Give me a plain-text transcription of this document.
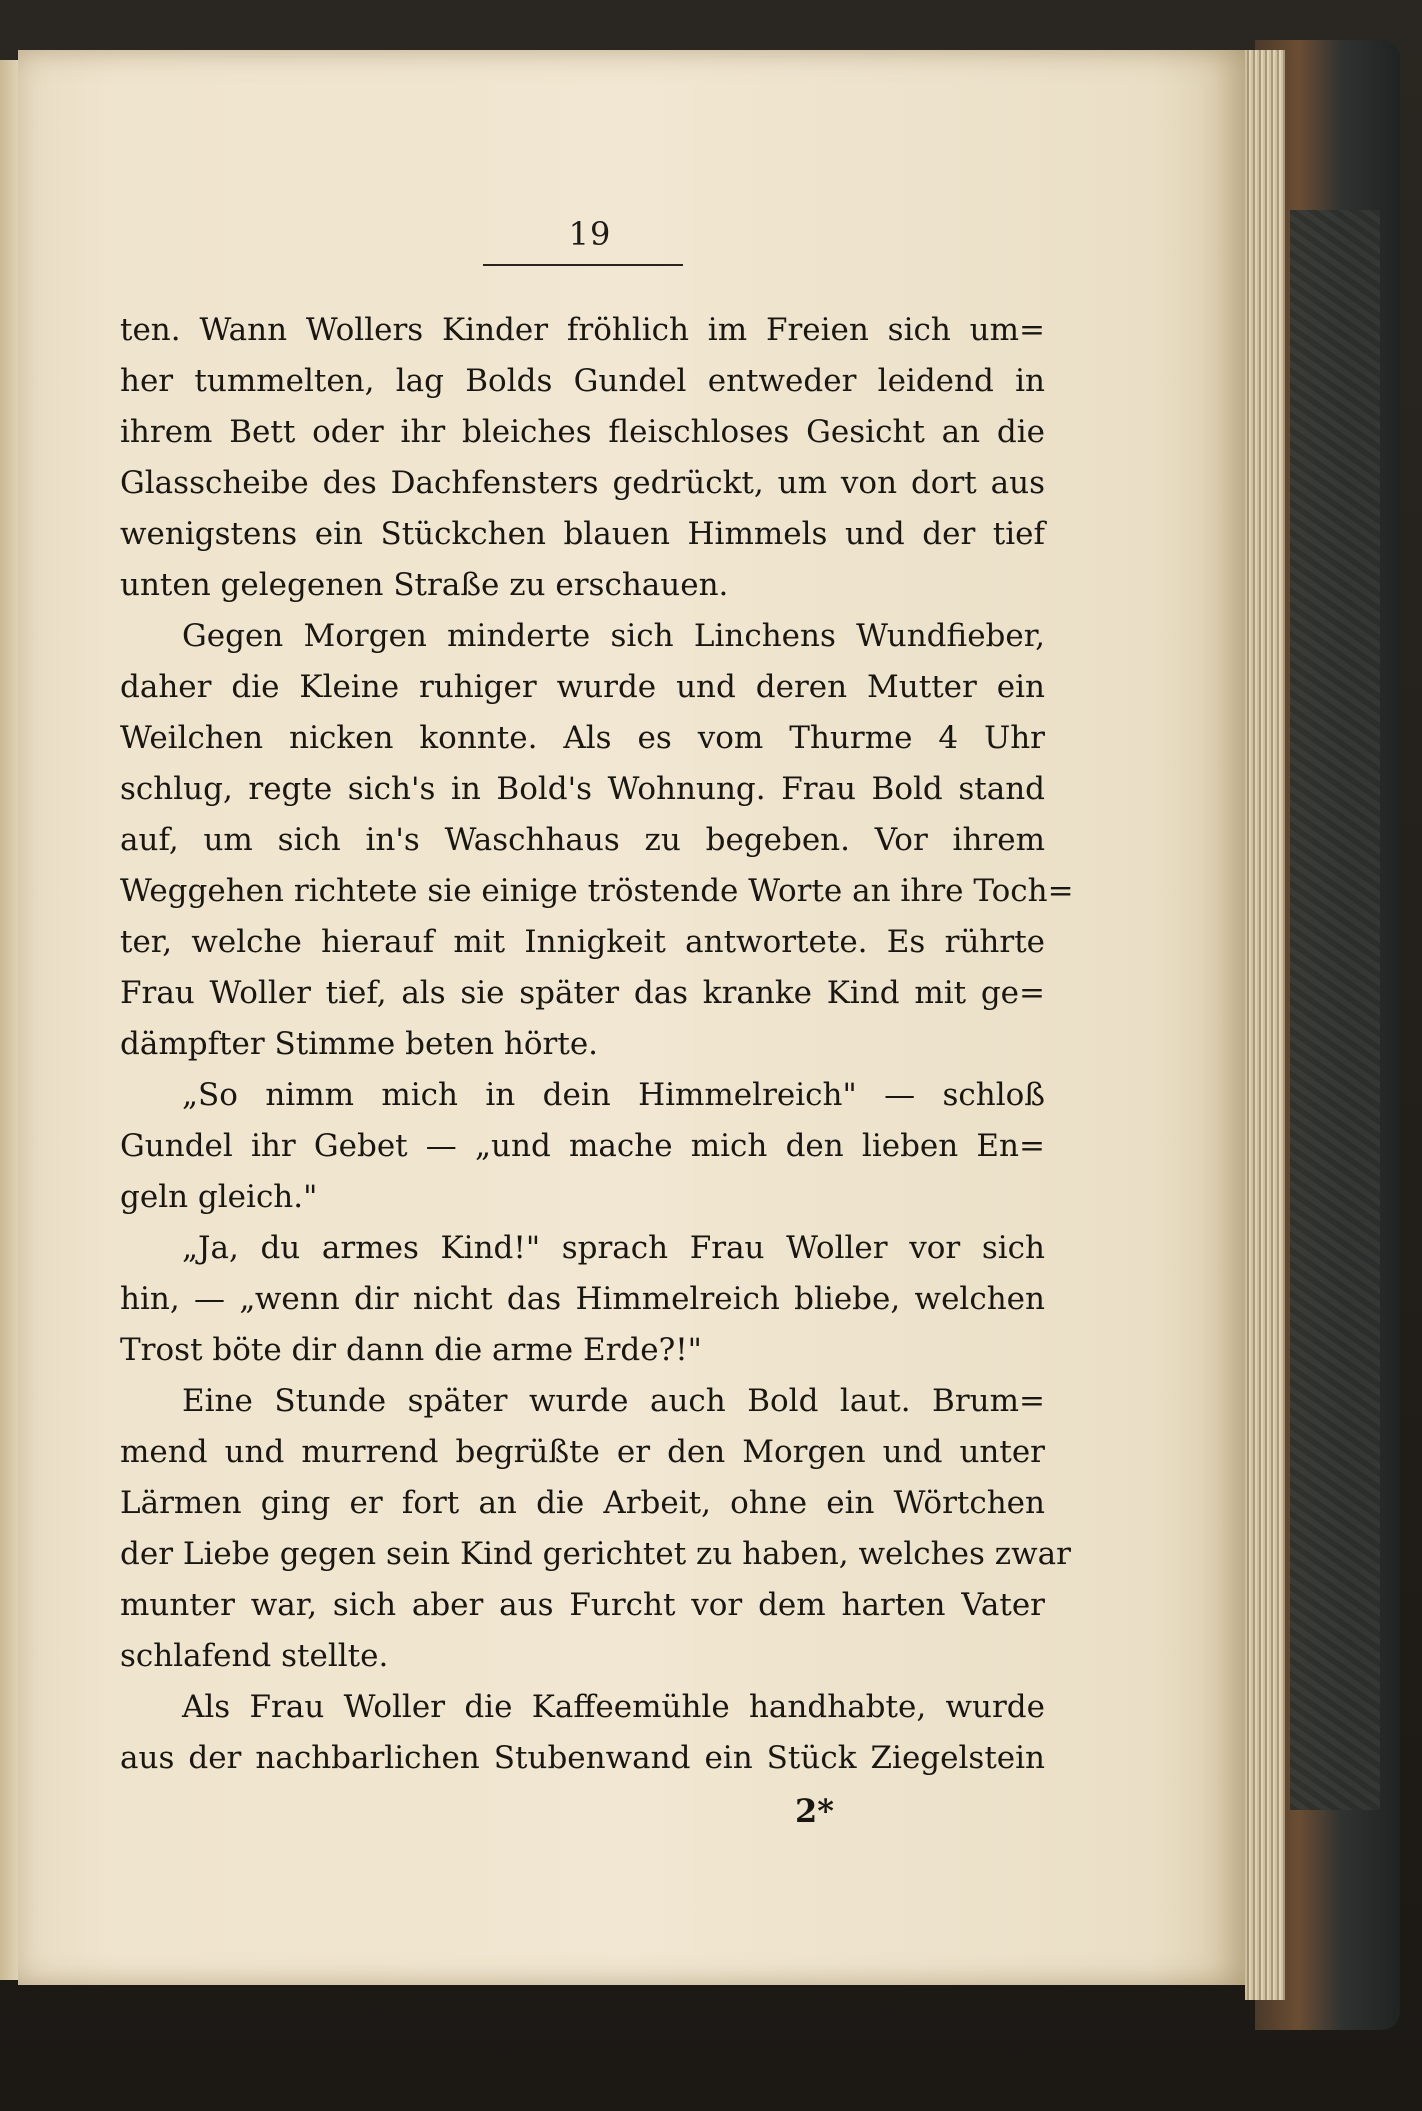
19
ten. Wann Wollers Kinder fröhlich im Freien sich um=
her tummelten, lag Bolds Gundel entweder leidend in
ihrem Bett oder ihr bleiches fleischloses Gesicht an die
Glasscheibe des Dachfensters gedrückt, um von dort aus
wenigstens ein Stückchen blauen Himmels und der tief
unten gelegenen Straße zu erschauen.
Gegen Morgen minderte sich Linchens Wundfieber,
daher die Kleine ruhiger wurde und deren Mutter ein
Weilchen nicken konnte. Als es vom Thurme 4 Uhr
schlug, regte sich's in Bold's Wohnung. Frau Bold stand
auf, um sich in's Waschhaus zu begeben. Vor ihrem
Weggehen richtete sie einige tröstende Worte an ihre Toch=
ter, welche hierauf mit Innigkeit antwortete. Es rührte
Frau Woller tief, als sie später das kranke Kind mit ge=
dämpfter Stimme beten hörte.
„So nimm mich in dein Himmelreich" — schloß
Gundel ihr Gebet — „und mache mich den lieben En=
geln gleich."
„Ja, du armes Kind!" sprach Frau Woller vor sich
hin, — „wenn dir nicht das Himmelreich bliebe, welchen
Trost böte dir dann die arme Erde?!"
Eine Stunde später wurde auch Bold laut. Brum=
mend und murrend begrüßte er den Morgen und unter
Lärmen ging er fort an die Arbeit, ohne ein Wörtchen
der Liebe gegen sein Kind gerichtet zu haben, welches zwar
munter war, sich aber aus Furcht vor dem harten Vater
schlafend stellte.
Als Frau Woller die Kaffeemühle handhabte, wurde
aus der nachbarlichen Stubenwand ein Stück Ziegelstein
2*
